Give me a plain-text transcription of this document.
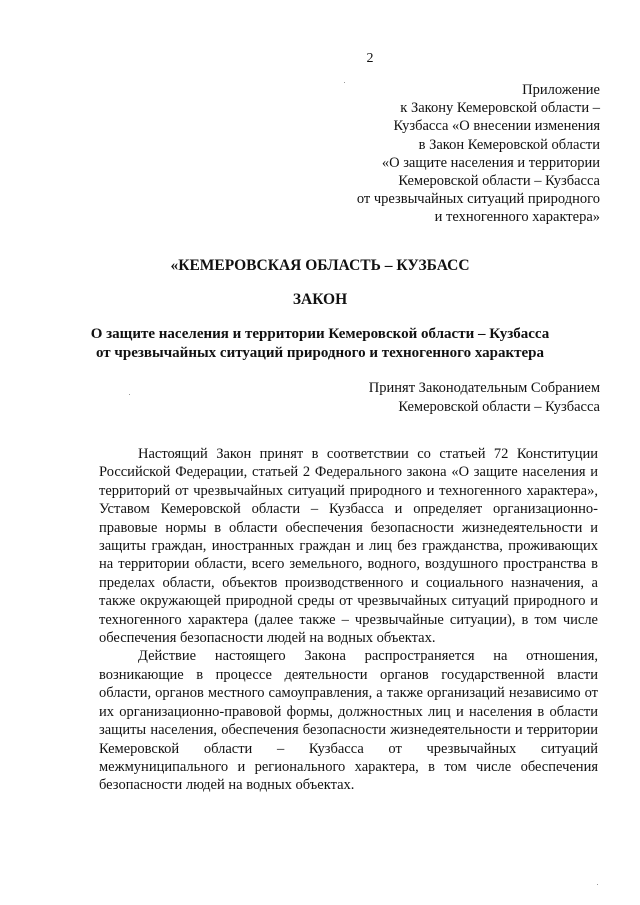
2
Приложение
к Закону Кемеровской области –
Кузбасса «О внесении изменения
в Закон Кемеровской области
«О защите населения и территории
Кемеровской области – Кузбасса
от чрезвычайных ситуаций природного
и техногенного характера»
«КЕМЕРОВСКАЯ ОБЛАСТЬ – КУЗБАСС
ЗАКОН
О защите населения и территории Кемеровской области – Кузбасса
от чрезвычайных ситуаций природного и техногенного характера
Принят Законодательным Собранием
Кемеровской области – Кузбасса

Настоящий Закон принят в соответствии со статьей 72 Конституции Российской Федерации, статьей 2 Федерального закона «О защите населения и территорий от чрезвычайных ситуаций природного и техногенного характера», Уставом Кемеровской области – Кузбасса и определяет организационно-правовые нормы в области обеспечения безопасности жизнедеятельности и защиты граждан, иностранных граждан и лиц без гражданства, проживающих на территории области, всего земельного, водного, воздушного пространства в пределах области, объектов производственного и социального назначения, а также окружающей природной среды от чрезвычайных ситуаций природного и техногенного характера (далее также – чрезвычайные ситуации), в том числе обеспечения безопасности людей на водных объектах.

Действие настоящего Закона распространяется на отношения, возникающие в процессе деятельности органов государственной власти области, органов местного самоуправления, а также организаций независимо от их организационно-правовой формы, должностных лиц и населения в области защиты населения, обеспечения безопасности жизнедеятельности и территории Кемеровской области – Кузбасса от чрезвычайных ситуаций межмуниципального и регионального характера, в том числе обеспечения безопасности людей на водных объектах.
